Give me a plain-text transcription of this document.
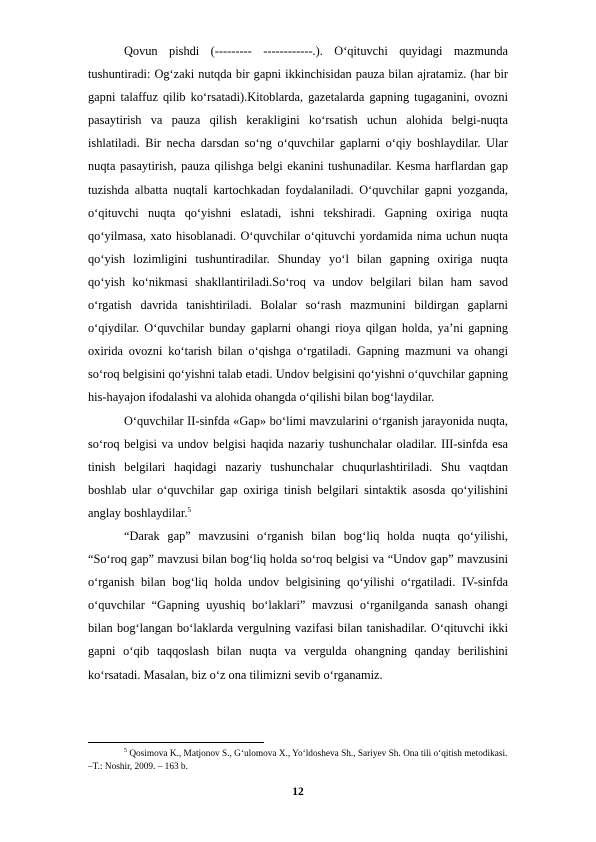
Qovun pishdi (--------- ------------.). O‘qituvchi quyidagi mazmunda tushuntiradi: Og‘zaki nutqda bir gapni ikkinchisidan pauza bilan ajratamiz. (har bir gapni talaffuz qilib ko‘rsatadi).Kitoblarda, gazetalarda gapning tugaganini, ovozni pasaytirish va pauza qilish kerakligini ko‘rsatish uchun alohida belgi-nuqta ishlatiladi. Bir necha darsdan so‘ng o‘quvchilar gaplarni o‘qiy boshlaydilar. Ular nuqta pasaytirish, pauza qilishga belgi ekanini tushunadilar. Kesma harflardan gap tuzishda albatta nuqtali kartochkadan foydalaniladi. O‘quvchilar gapni yozganda, o‘qituvchi nuqta qo‘yishni eslatadi, ishni tekshiradi. Gapning oxiriga nuqta qo‘yilmasa, xato hisoblanadi. O‘quvchilar o‘qituvchi yordamida nima uchun nuqta qo‘yish lozimligini tushuntiradilar. Shunday yo‘l bilan gapning oxiriga nuqta qo‘yish ko‘nikmasi shakllantiriladi.So‘roq va undov belgilari bilan ham savod o‘rgatish davrida tanishtiriladi. Bolalar so‘rash mazmunini bildirgan gaplarni o‘qiydilar. O‘quvchilar bunday gaplarni ohangi rioya qilgan holda, ya’ni gapning oxirida ovozni ko‘tarish bilan o‘qishga o‘rgatiladi. Gapning mazmuni va ohangi so‘roq belgisini qo‘yishni talab etadi. Undov belgisini qo‘yishni o‘quvchilar gapning his-hayajon ifodalashi va alohida ohangda o‘qilishi bilan bog‘laydilar.

O‘quvchilar II-sinfda «Gap» bo‘limi mavzularini o‘rganish jarayonida nuqta, so‘roq belgisi va undov belgisi haqida nazariy tushunchalar oladilar. III-sinfda esa tinish belgilari haqidagi nazariy tushunchalar chuqurlashtiriladi. Shu vaqtdan boshlab ular o‘quvchilar gap oxiriga tinish belgilari sintaktik asosda qo‘yilishini anglay boshlaydilar.$^5$

“Darak gap” mavzusini o‘rganish bilan bog‘liq holda nuqta qo‘yilishi, “So‘roq gap” mavzusi bilan bog‘liq holda so‘roq belgisi va “Undov gap” mavzusini o‘rganish bilan bog‘liq holda undov belgisining qo‘yilishi o‘rgatiladi. IV-sinfda o‘quvchilar “Gapning uyushiq bo‘laklari” mavzusi o‘rganilganda sanash ohangi bilan bog‘langan bo‘laklarda vergulning vazifasi bilan tanishadilar. O‘qituvchi ikki gapni o‘qib taqqoslash bilan nuqta va vergulda ohangning qanday berilishini ko‘rsatadi. Masalan, biz o‘z ona tilimizni sevib o‘rganamiz.

$^5$ Qosimova K., Matjonov S., G‘ulomova X., Yo‘ldosheva Sh., Sariyev Sh. Ona tili o‘qitish metodikasi. –T.: Noshir, 2009. – 163 b.
12
